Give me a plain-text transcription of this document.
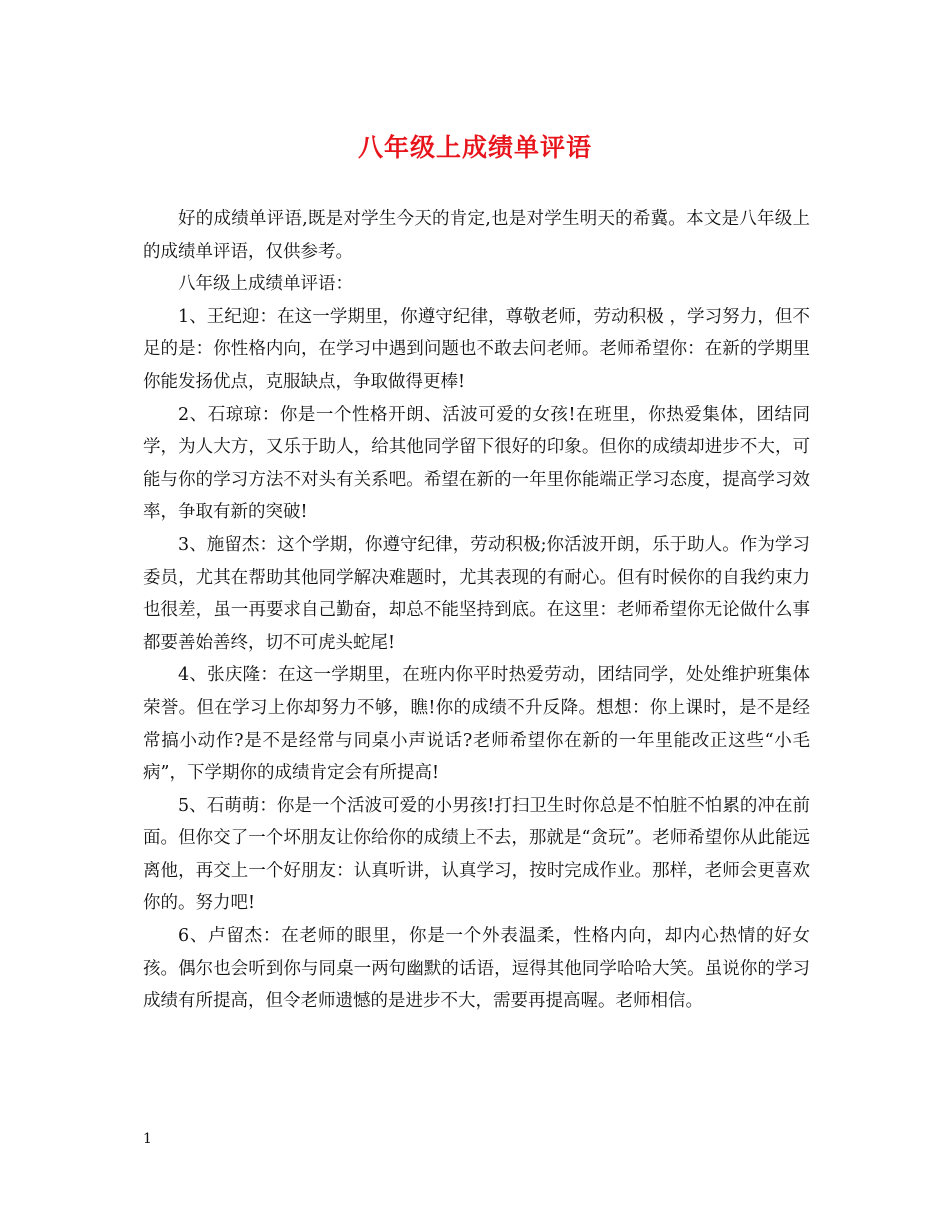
八年级上成绩单评语

好的成绩单评语,既是对学生今天的肯定,也是对学生明天的希冀。本文是八年级上的成绩单评语，仅供参考。

八年级上成绩单评语：

1、王纪迎：在这一学期里，你遵守纪律，尊敬老师，劳动积极 ，学习努力，但不足的是：你性格内向，在学习中遇到问题也不敢去问老师。老师希望你：在新的学期里你能发扬优点，克服缺点，争取做得更棒!

2、石琼琼：你是一个性格开朗、活波可爱的女孩!在班里，你热爱集体，团结同学，为人大方，又乐于助人，给其他同学留下很好的印象。但你的成绩却进步不大，可能与你的学习方法不对头有关系吧。希望在新的一年里你能端正学习态度，提高学习效率，争取有新的突破!

3、施留杰：这个学期，你遵守纪律，劳动积极;你活波开朗，乐于助人。作为学习委员，尤其在帮助其他同学解决难题时，尤其表现的有耐心。但有时候你的自我约束力也很差，虽一再要求自己勤奋，却总不能坚持到底。在这里：老师希望你无论做什么事都要善始善终，切不可虎头蛇尾!

4、张庆隆：在这一学期里，在班内你平时热爱劳动，团结同学，处处维护班集体荣誉。但在学习上你却努力不够，瞧!你的成绩不升反降。想想：你上课时，是不是经常搞小动作?是不是经常与同桌小声说话?老师希望你在新的一年里能改正这些“小毛病”，下学期你的成绩肯定会有所提高!

5、石萌萌：你是一个活波可爱的小男孩!打扫卫生时你总是不怕脏不怕累的冲在前面。但你交了一个坏朋友让你给你的成绩上不去，那就是“贪玩”。老师希望你从此能远离他，再交上一个好朋友：认真听讲，认真学习，按时完成作业。那样，老师会更喜欢你的。努力吧!

6、卢留杰：在老师的眼里，你是一个外表温柔，性格内向，却内心热情的好女孩。偶尔也会听到你与同桌一两句幽默的话语，逗得其他同学哈哈大笑。虽说你的学习成绩有所提高，但令老师遗憾的是进步不大，需要再提高喔。老师相信。

1
